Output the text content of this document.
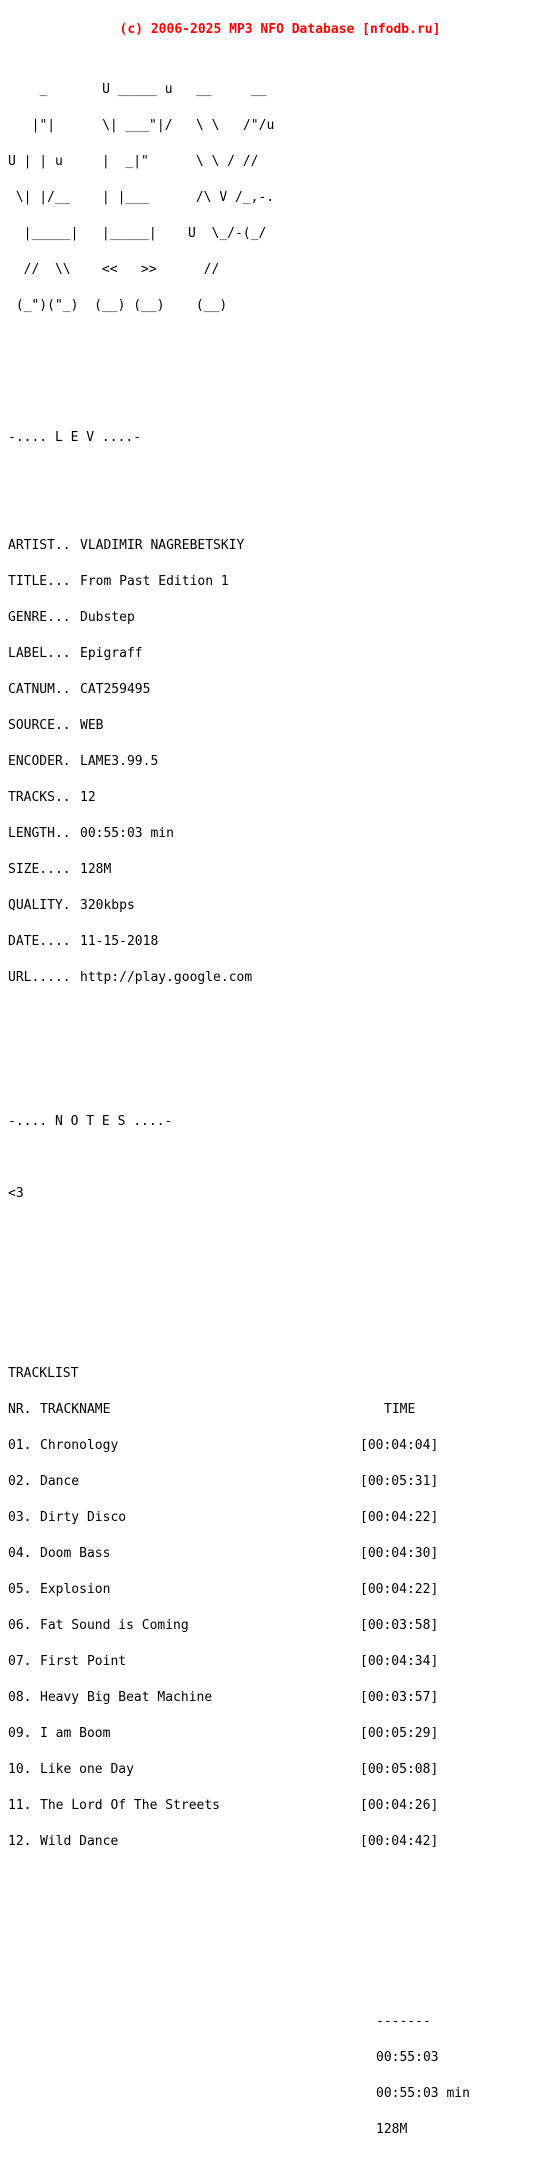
(c) 2006-2025 MP3 NFO Database [nfodb.ru]

_       U _____ u   __     __

|"|      \| ___"|/   \ \   /"/u

U | | u     |  _|"      \ \ / //

\| |/__    | |___      /\ V /_,-.

|_____|   |_____|    U  \_/-(_/

//  \\    <<   >>      //

(_")("_)  (__) (__)    (__)

-.... L E V ....-

ARTIST.. VLADIMIR NAGREBETSKIY

TITLE... From Past Edition 1

GENRE... Dubstep

LABEL... Epigraff

CATNUM.. CAT259495

SOURCE.. WEB

ENCODER. LAME3.99.5

TRACKS.. 12

LENGTH.. 00:55:03 min

SIZE.... 128M

QUALITY. 320kbps

DATE.... 11-15-2018

URL..... http://play.google.com

-.... N O T E S ....-

<3

TRACKLIST

NR. TRACKNAME	TIME

01. Chronology	[00:04:04]

02. Dance	[00:05:31]

03. Dirty Disco	[00:04:22]

04. Doom Bass	[00:04:30]

05. Explosion	[00:04:22]

06. Fat Sound is Coming	[00:03:58]

07. First Point	[00:04:34]

08. Heavy Big Beat Machine	[00:03:57]

09. I am Boom	[00:05:29]

10. Like one Day	[00:05:08]

11. The Lord Of The Streets	[00:04:26]

12. Wild Dance	[00:04:42]

-------

00:55:03

00:55:03 min

128M
